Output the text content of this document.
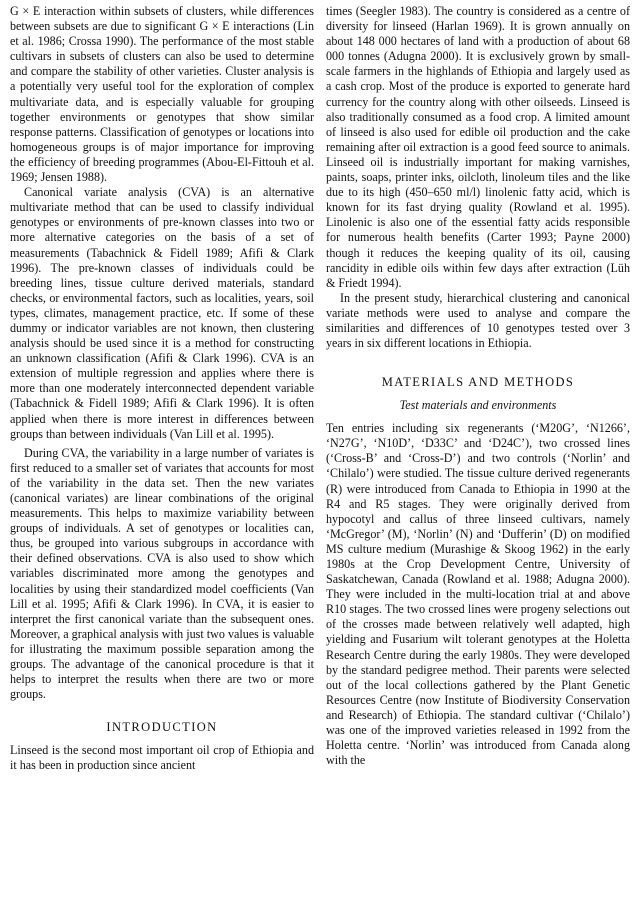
G × E interaction within subsets of clusters, while differences between subsets are due to significant G × E interactions (Lin et al. 1986; Crossa 1990). The performance of the most stable cultivars in subsets of clusters can also be used to determine and compare the stability of other varieties. Cluster analysis is a potentially very useful tool for the exploration of complex multivariate data, and is especially valuable for grouping together environments or genotypes that show similar response patterns. Classification of genotypes or locations into homogeneous groups is of major importance for improving the efficiency of breeding programmes (Abou-El-Fittouh et al. 1969; Jensen 1988).

Canonical variate analysis (CVA) is an alternative multivariate method that can be used to classify individual genotypes or environments of pre-known classes into two or more alternative categories on the basis of a set of measurements (Tabachnick & Fidell 1989; Afifi & Clark 1996). The pre-known classes of individuals could be breeding lines, tissue culture derived materials, standard checks, or environmental factors, such as localities, years, soil types, climates, management practice, etc. If some of these dummy or indicator variables are not known, then clustering analysis should be used since it is a method for constructing an unknown classification (Afifi & Clark 1996). CVA is an extension of multiple regression and applies where there is more than one moderately interconnected dependent variable (Tabachnick & Fidell 1989; Afifi & Clark 1996). It is often applied when there is more interest in differences between groups than between individuals (Van Lill et al. 1995).

During CVA, the variability in a large number of variates is first reduced to a smaller set of variates that accounts for most of the variability in the data set. Then the new variates (canonical variates) are linear combinations of the original measurements. This helps to maximize variability between groups of individuals. A set of genotypes or localities can, thus, be grouped into various subgroups in accordance with their defined observations. CVA is also used to show which variables discriminated more among the genotypes and localities by using their standardized model coefficients (Van Lill et al. 1995; Afifi & Clark 1996). In CVA, it is easier to interpret the first canonical variate than the subsequent ones. Moreover, a graphical analysis with just two values is valuable for illustrating the maximum possible separation among the groups. The advantage of the canonical procedure is that it helps to interpret the results when there are two or more groups.

INTRODUCTION

Linseed is the second most important oil crop of Ethiopia and it has been in production since ancient

times (Seegler 1983). The country is considered as a centre of diversity for linseed (Harlan 1969). It is grown annually on about 148 000 hectares of land with a production of about 68 000 tonnes (Adugna 2000). It is exclusively grown by small-scale farmers in the highlands of Ethiopia and largely used as a cash crop. Most of the produce is exported to generate hard currency for the country along with other oilseeds. Linseed is also traditionally consumed as a food crop. A limited amount of linseed is also used for edible oil production and the cake remaining after oil extraction is a good feed source to animals. Linseed oil is industrially important for making varnishes, paints, soaps, printer inks, oilcloth, linoleum tiles and the like due to its high (450–650 ml/l) linolenic fatty acid, which is known for its fast drying quality (Rowland et al. 1995). Linolenic is also one of the essential fatty acids responsible for numerous health benefits (Carter 1993; Payne 2000) though it reduces the keeping quality of its oil, causing rancidity in edible oils within few days after extraction (Lüh & Friedt 1994).

In the present study, hierarchical clustering and canonical variate methods were used to analyse and compare the similarities and differences of 10 genotypes tested over 3 years in six different locations in Ethiopia.

MATERIALS AND METHODS
Test materials and environments

Ten entries including six regenerants (‘M20G’, ‘N1266’, ‘N27G’, ‘N10D’, ‘D33C’ and ‘D24C’), two crossed lines (‘Cross-B’ and ‘Cross-D’) and two controls (‘Norlin’ and ‘Chilalo’) were studied. The tissue culture derived regenerants (R) were introduced from Canada to Ethiopia in 1990 at the R4 and R5 stages. They were originally derived from hypocotyl and callus of three linseed cultivars, namely ‘McGregor’ (M), ‘Norlin’ (N) and ‘Dufferin’ (D) on modified MS culture medium (Murashige & Skoog 1962) in the early 1980s at the Crop Development Centre, University of Saskatchewan, Canada (Rowland et al. 1988; Adugna 2000). They were included in the multi-location trial at and above R10 stages. The two crossed lines were progeny selections out of the crosses made between relatively well adapted, high yielding and Fusarium wilt tolerant genotypes at the Holetta Research Centre during the early 1980s. They were developed by the standard pedigree method. Their parents were selected out of the local collections gathered by the Plant Genetic Resources Centre (now Institute of Biodiversity Conservation and Research) of Ethiopia. The standard cultivar (‘Chilalo’) was one of the improved varieties released in 1992 from the Holetta centre. ‘Norlin’ was introduced from Canada along with the
